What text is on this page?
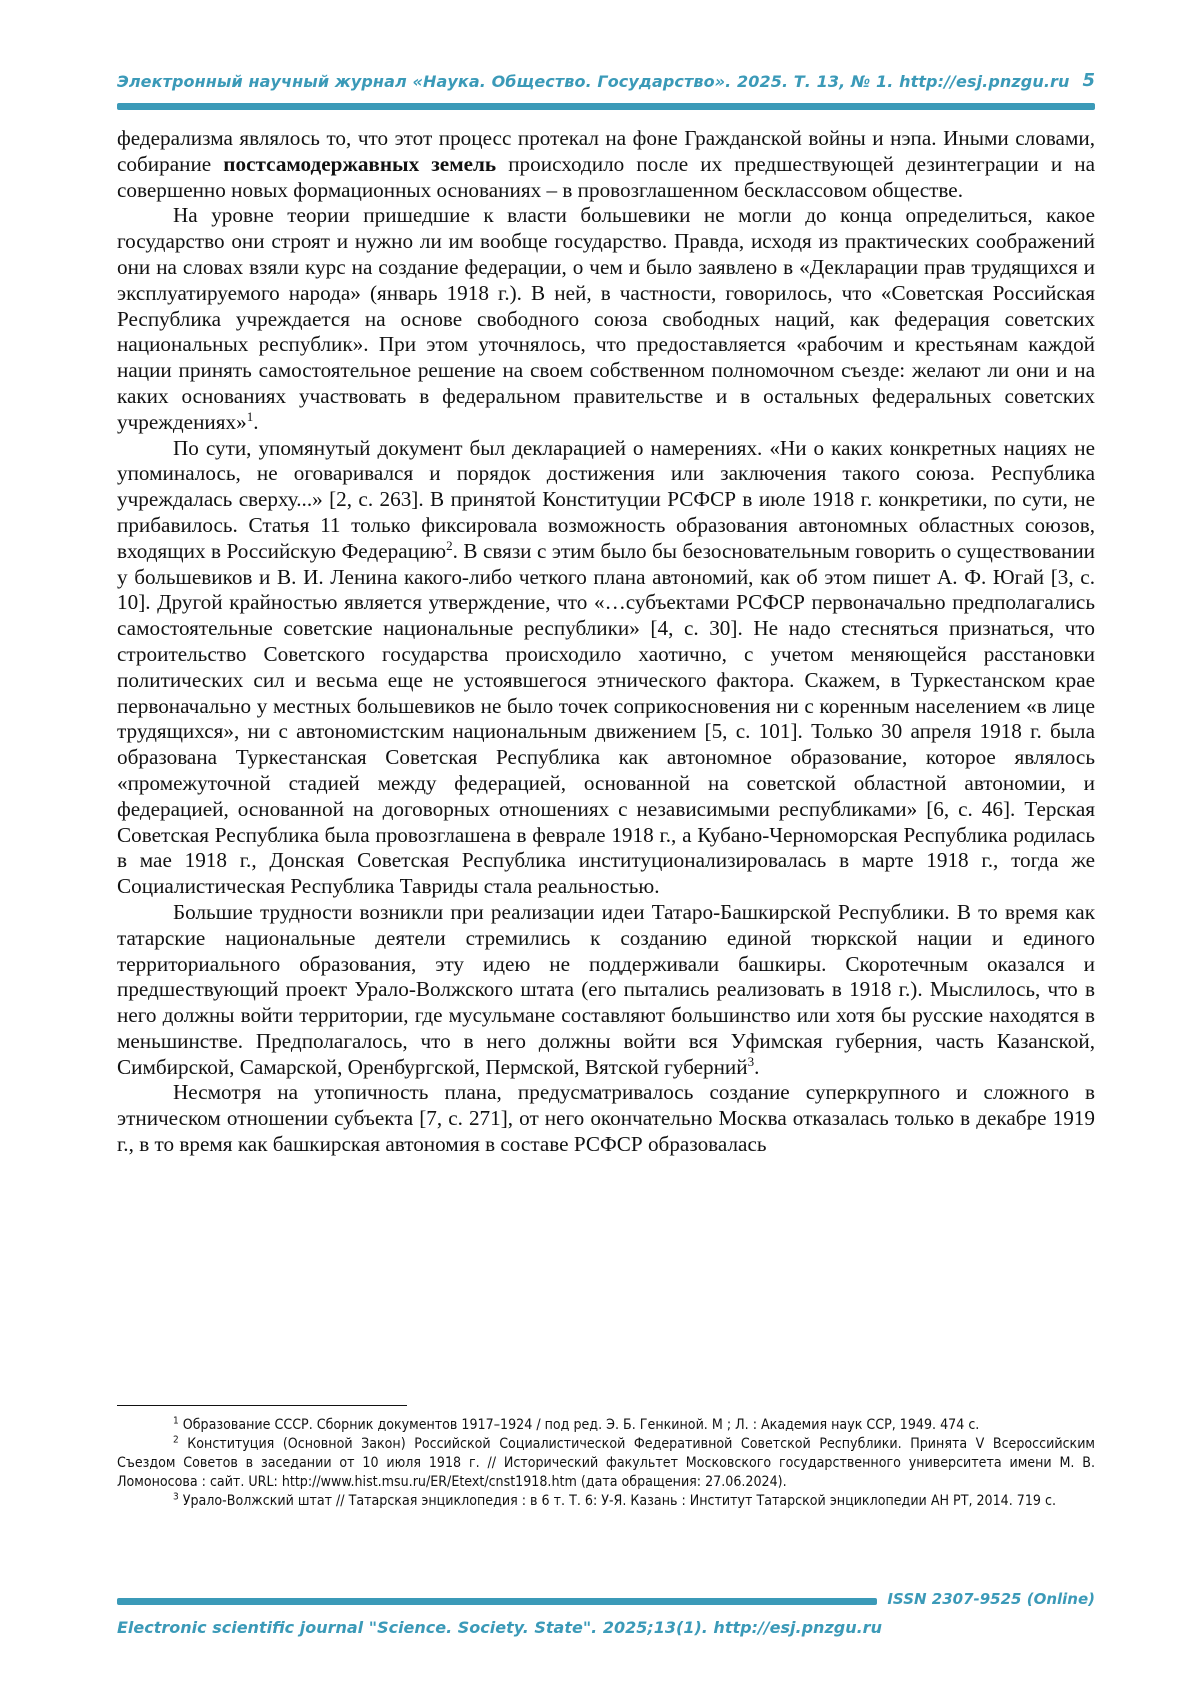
Электронный научный журнал «Наука. Общество. Государство». 2025. Т. 13, № 1. http://esj.pnzgu.ru 5

федерализма являлось то, что этот процесс протекал на фоне Гражданской войны и нэпа. Иными словами, собирание постсамодержавных земель происходило после их предшествующей дезинтеграции и на совершенно новых формационных основаниях – в провозглашенном бесклассовом обществе.

На уровне теории пришедшие к власти большевики не могли до конца определиться, какое государство они строят и нужно ли им вообще государство. Правда, исходя из практических соображений они на словах взяли курс на создание федерации, о чем и было заявлено в «Декларации прав трудящихся и эксплуатируемого народа» (январь 1918 г.). В ней, в частности, говорилось, что «Советская Российская Республика учреждается на основе свободного союза свободных наций, как федерация советских национальных республик». При этом уточнялось, что предоставляется «рабочим и крестьянам каждой нации принять самостоятельное решение на своем собственном полномочном съезде: желают ли они и на каких основаниях участвовать в федеральном правительстве и в остальных федеральных советских учреждениях»$^1$.

По сути, упомянутый документ был декларацией о намерениях. «Ни о каких конкретных нациях не упоминалось, не оговаривался и порядок достижения или заключения такого союза. Республика учреждалась сверху...» [2, с. 263]. В принятой Конституции РСФСР в июле 1918 г. конкретики, по сути, не прибавилось. Статья 11 только фиксировала возможность образования автономных областных союзов, входящих в Российскую Федерацию$^2$. В связи с этим было бы безосновательным говорить о существовании у большевиков и В. И. Ленина какого-либо четкого плана автономий, как об этом пишет А. Ф. Югай [3, с. 10]. Другой крайностью является утверждение, что «…субъектами РСФСР первоначально предполагались самостоятельные советские национальные республики» [4, с. 30]. Не надо стесняться признаться, что строительство Советского государства происходило хаотично, с учетом меняющейся расстановки политических сил и весьма еще не устоявшегося этнического фактора. Скажем, в Туркестанском крае первоначально у местных большевиков не было точек соприкосновения ни с коренным населением «в лице трудящихся», ни с автономистским национальным движением [5, с. 101]. Только 30 апреля 1918 г. была образована Туркестанская Советская Республика как автономное образование, которое являлось «промежуточной стадией между федерацией, основанной на советской областной автономии, и федерацией, основанной на договорных отношениях с независимыми республиками» [6, с. 46]. Терская Советская Республика была провозглашена в феврале 1918 г., а Кубано-Черноморская Республика родилась в мае 1918 г., Донская Советская Республика институционализировалась в марте 1918 г., тогда же Социалистическая Республика Тавриды стала реальностью.

Большие трудности возникли при реализации идеи Татаро-Башкирской Республики. В то время как татарские национальные деятели стремились к созданию единой тюркской нации и единого территориального образования, эту идею не поддерживали башкиры. Скоротечным оказался и предшествующий проект Урало-Волжского штата (его пытались реализовать в 1918 г.). Мыслилось, что в него должны войти территории, где мусульмане составляют большинство или хотя бы русские находятся в меньшинстве. Предполагалось, что в него должны войти вся Уфимская губерния, часть Казанской, Симбирской, Самарской, Оренбургской, Пермской, Вятской губерний$^3$.

Несмотря на утопичность плана, предусматривалось создание суперкрупного и сложного в этническом отношении субъекта [7, с. 271], от него окончательно Москва отказалась только в декабре 1919 г., в то время как башкирская автономия в составе РСФСР образовалась

$^1$ Образование СССР. Сборник документов 1917–1924 / под ред. Э. Б. Генкиной. М ; Л. : Академия наук ССР, 1949. 474 с.

$^2$ Конституция (Основной Закон) Российской Социалистической Федеративной Советской Республики. Принята V Всероссийским Съездом Советов в заседании от 10 июля 1918 г. // Исторический факультет Московского государственного университета имени М. В. Ломоносова : сайт. URL: http://www.hist.msu.ru/ER/Etext/cnst1918.htm (дата обращения: 27.06.2024).

$^3$ Урало-Волжский штат // Татарская энциклопедия : в 6 т. Т. 6: У-Я. Казань : Институт Татарской энциклопедии АН РТ, 2014. 719 с.

ISSN 2307-9525 (Online)
Electronic scientific journal "Science. Society. State". 2025;13(1). http://esj.pnzgu.ru
